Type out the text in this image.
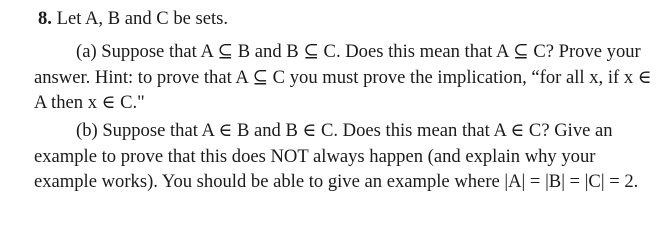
8. Let A, B and C be sets.
(a) Suppose that A ⊆ B and B ⊆ C. Does this mean that A ⊆ C? Prove your
answer. Hint: to prove that A ⊆ C you must prove the implication, “for all x, if x ∈
A then x ∈ C."
(b) Suppose that A ∈ B and B ∈ C. Does this mean that A ∈ C? Give an
example to prove that this does NOT always happen (and explain why your
example works). You should be able to give an example where |A| = |B| = |C| = 2.
